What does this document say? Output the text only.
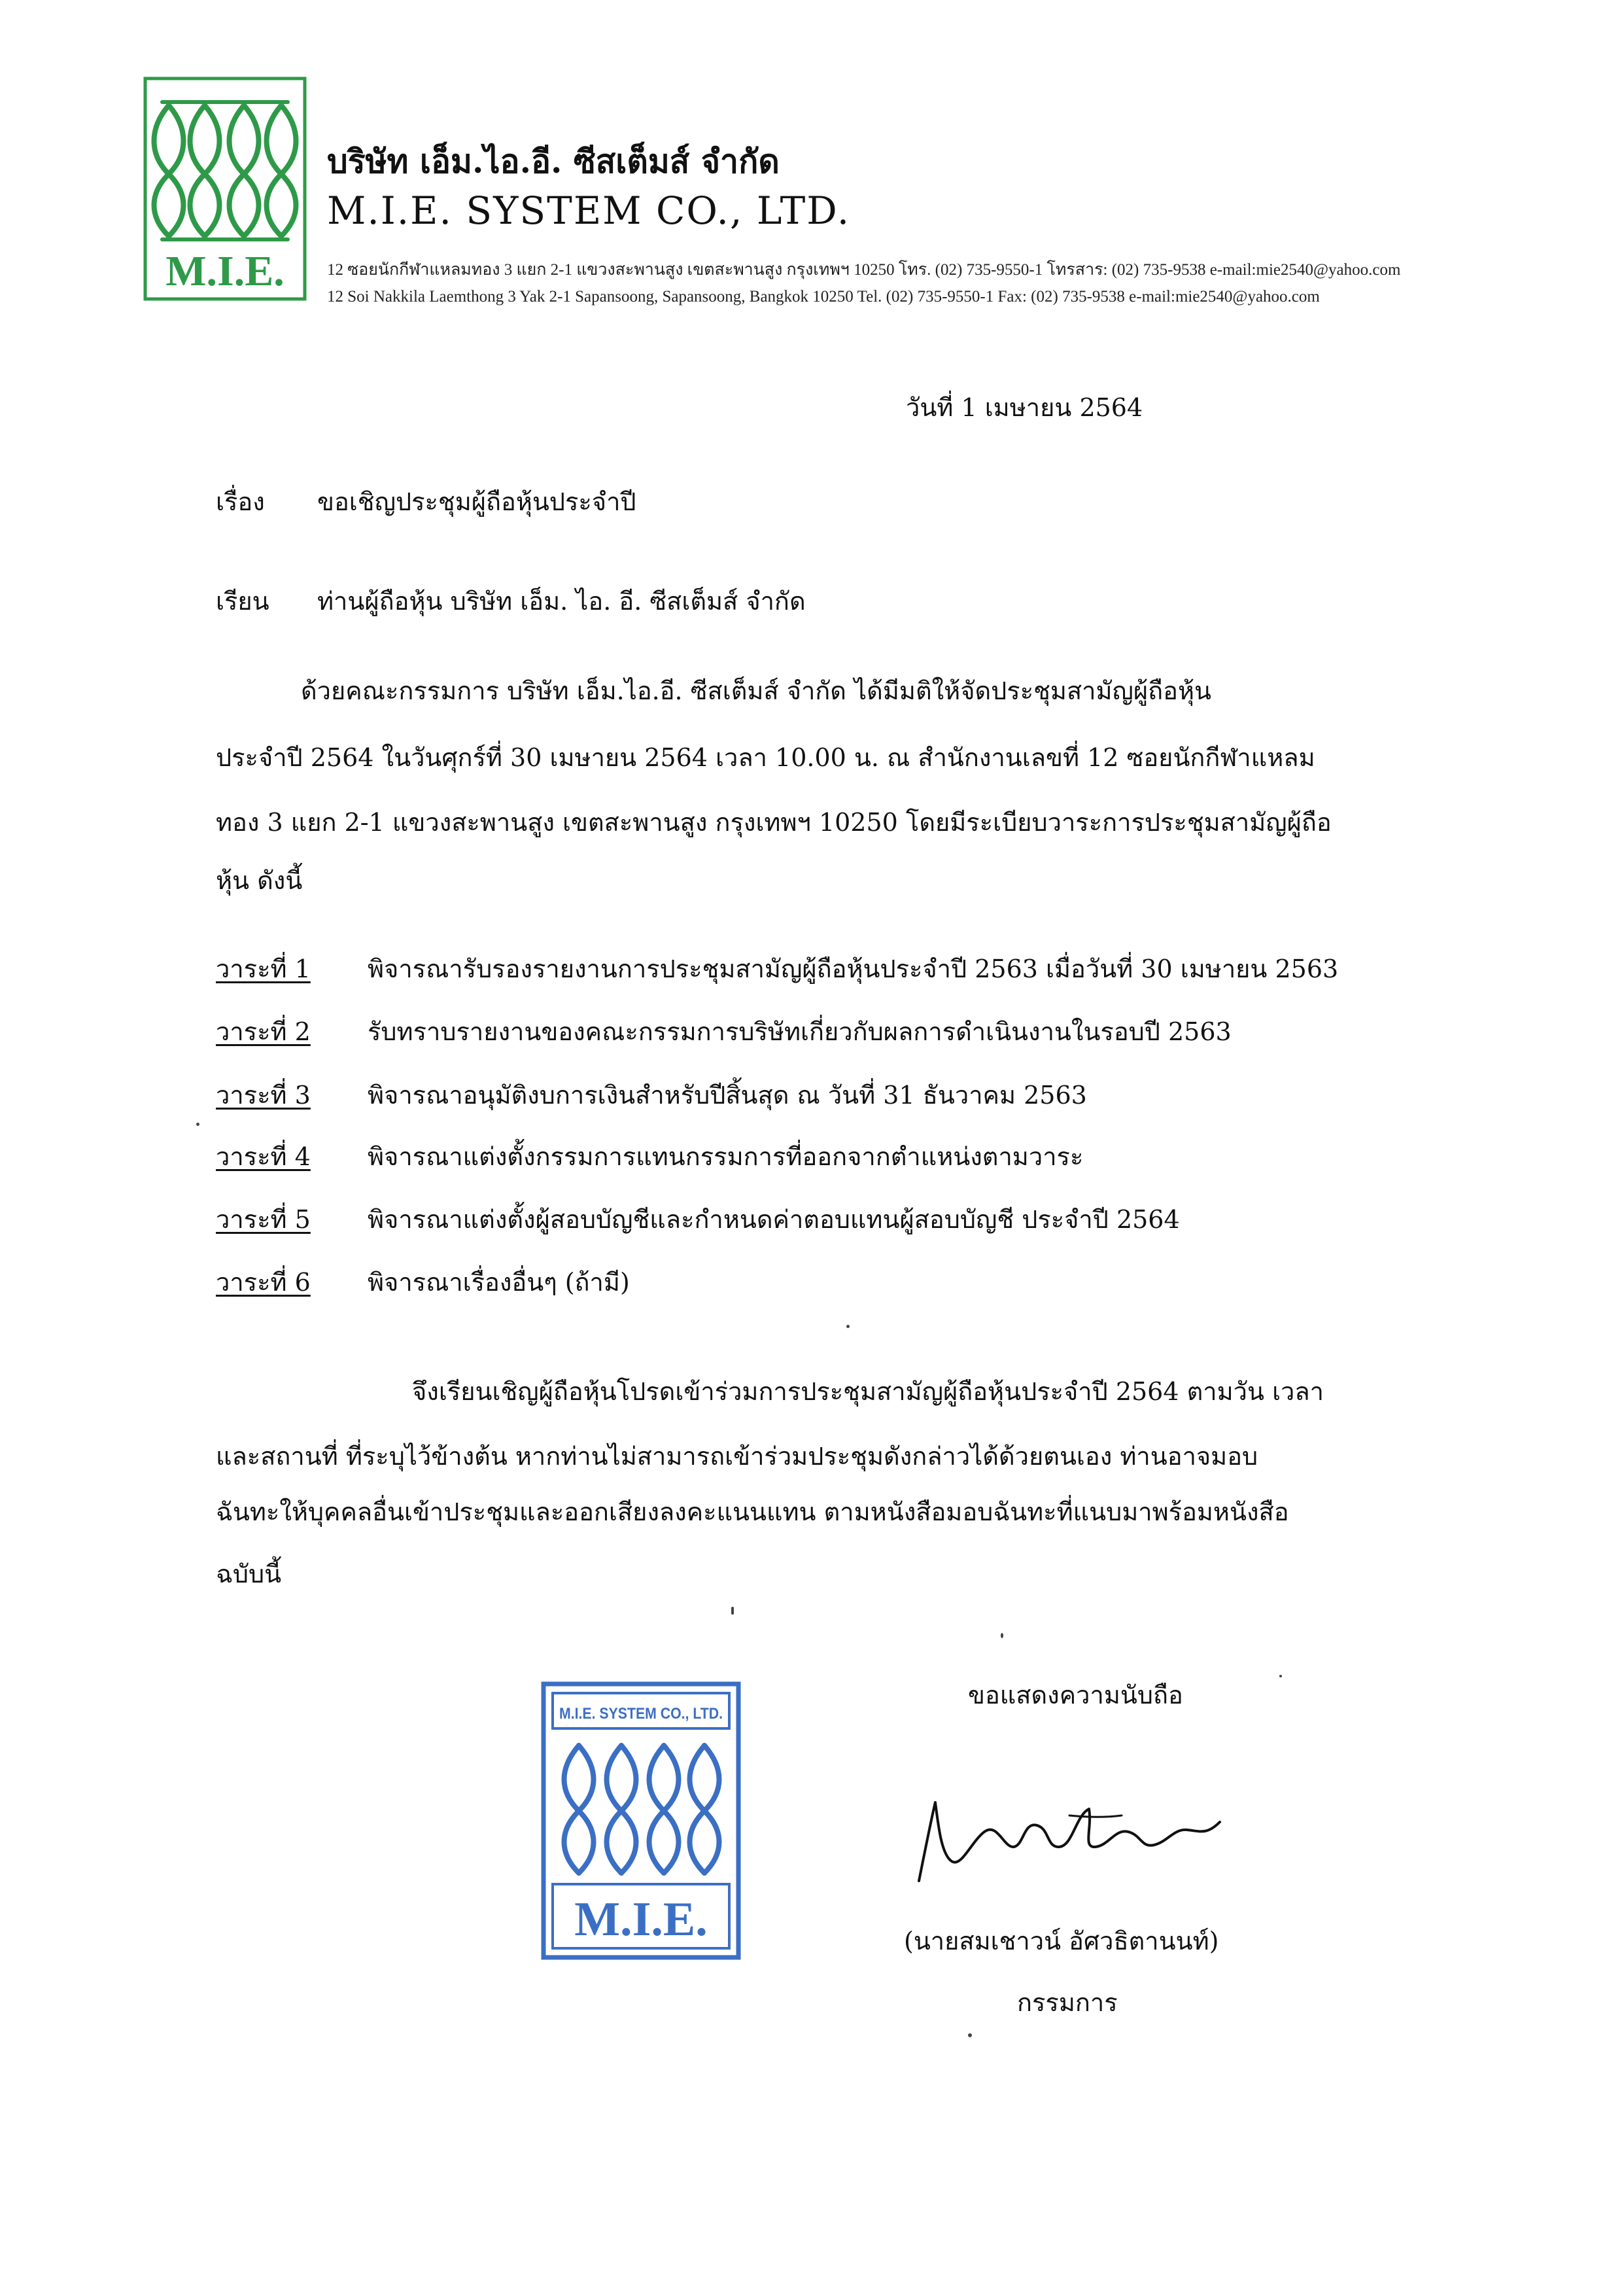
M.I.E.
บริษัท เอ็ม.ไอ.อี. ซีสเต็มส์ จำกัด
M.I.E. SYSTEM CO., LTD.
12 ซอยนักกีฬาแหลมทอง 3 แยก 2-1 แขวงสะพานสูง เขตสะพานสูง กรุงเทพฯ 10250 โทร. (02) 735-9550-1 โทรสาร: (02) 735-9538 e-mail:mie2540@yahoo.com
12 Soi Nakkila Laemthong 3 Yak 2-1 Sapansoong, Sapansoong, Bangkok 10250 Tel. (02) 735-9550-1 Fax: (02) 735-9538 e-mail:mie2540@yahoo.com
วันที่ 1 เมษายน 2564
เรื่อง ขอเชิญประชุมผู้ถือหุ้นประจำปี
เรียน ท่านผู้ถือหุ้น บริษัท เอ็ม. ไอ. อี. ซีสเต็มส์ จำกัด
ด้วยคณะกรรมการ บริษัท เอ็ม.ไอ.อี. ซีสเต็มส์ จำกัด ได้มีมติให้จัดประชุมสามัญผู้ถือหุ้น
ประจำปี 2564 ในวันศุกร์ที่ 30 เมษายน 2564 เวลา 10.00 น. ณ สำนักงานเลขที่ 12 ซอยนักกีฬาแหลม
ทอง 3 แยก 2-1 แขวงสะพานสูง เขตสะพานสูง กรุงเทพฯ 10250 โดยมีระเบียบวาระการประชุมสามัญผู้ถือ
หุ้น ดังนี้
วาระที่ 1 พิจารณารับรองรายงานการประชุมสามัญผู้ถือหุ้นประจำปี 2563 เมื่อวันที่ 30 เมษายน 2563
วาระที่ 2 รับทราบรายงานของคณะกรรมการบริษัทเกี่ยวกับผลการดำเนินงานในรอบปี 2563
วาระที่ 3 พิจารณาอนุมัติงบการเงินสำหรับปีสิ้นสุด ณ วันที่ 31 ธันวาคม 2563
วาระที่ 4 พิจารณาแต่งตั้งกรรมการแทนกรรมการที่ออกจากตำแหน่งตามวาระ
วาระที่ 5 พิจารณาแต่งตั้งผู้สอบบัญชีและกำหนดค่าตอบแทนผู้สอบบัญชี ประจำปี 2564
วาระที่ 6 พิจารณาเรื่องอื่นๆ (ถ้ามี)
จึงเรียนเชิญผู้ถือหุ้นโปรดเข้าร่วมการประชุมสามัญผู้ถือหุ้นประจำปี 2564 ตามวัน เวลา
และสถานที่ ที่ระบุไว้ข้างต้น หากท่านไม่สามารถเข้าร่วมประชุมดังกล่าวได้ด้วยตนเอง ท่านอาจมอบ
ฉันทะให้บุคคลอื่นเข้าประชุมและออกเสียงลงคะแนนแทน ตามหนังสือมอบฉันทะที่แนบมาพร้อมหนังสือ
ฉบับนี้
M.I.E. SYSTEM CO., LTD.
M.I.E.
ขอแสดงความนับถือ
(นายสมเชาวน์ อัศวธิตานนท์)
กรรมการ
